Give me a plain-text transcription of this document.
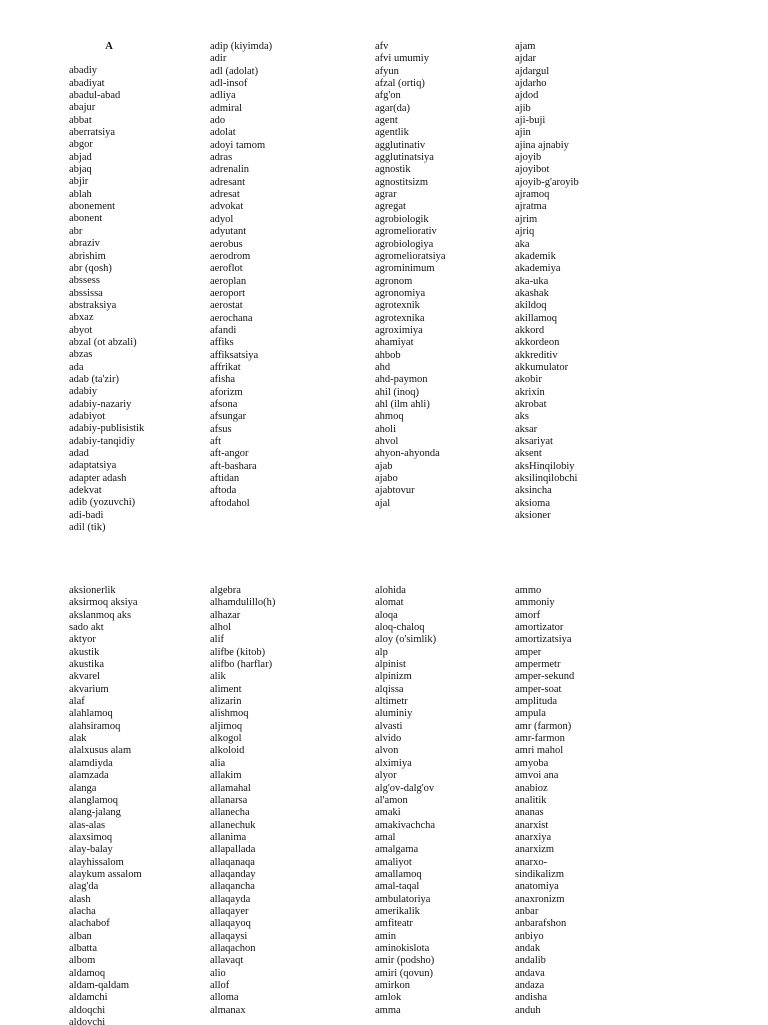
A
abadiy
abadiyat
abadul-abad
abajur
abbat
aberratsiya
abgor
abjad
abjaq
abjir
ablah
abonement
abonent
abr
abraziv
abrishim
abr (qosh)
abssess
abssissa
abstraksiya
abxaz
abyot
abzal (ot abzali)
abzas
ada
adab (ta'zir)
adabiy
adabiy-nazariy
adabiyot
adabiy-publisistik
adabiy-tanqidiy
adad
adaptatsiya
adapter adash
adekvat
adib (yozuvchi)
adi-badi
adil (tik)
adip (kiyimda)
adir
adl (adolat)
adl-insof
adliya
admiral
ado
adolat
adoyi tamom
adras
adrenalin
adresant
adresat
advokat
adyol
adyutant
aerobus
aerodrom
aeroflot
aeroplan
aeroport
aerostat
aerochana
afandi
affiks
affiksatsiya
affrikat
afisha
aforizm
afsona
afsungar
afsus
aft
aft-angor
aft-bashara
aftidan
aftoda
aftodahol
afv
afvi umumiy
afyun
afzal (ortiq)
afg'on
agar(da)
agent
agentlik
agglutinativ
agglutinatsiya
agnostik
agnostitsizm
agrar
agregat
agrobiologik
agromeliorativ
agrobiologiya
agromelioratsiya
agrominimum
agronom
agronomiya
agrotexnik
agrotexnika
agroximiya
ahamiyat
ahbob
ahd
ahd-paymon
ahil (inoq)
ahl (ilm ahli)
ahmoq
aholi
ahvol
ahyon-ahyonda
ajab
ajabo
ajabtovur
ajal
ajam
ajdar
ajdargul
ajdarho
ajdod
ajib
aji-buji
ajin
ajina ajnabiy
ajoyib
ajoyibot
ajoyib-g'aroyib
ajramoq
ajratma
ajrim
ajriq
aka
akademik
akademiya
aka-uka
akashak
akildoq
akillamoq
akkord
akkordeon
akkreditiv
akkumulator
akobir
akrixin
akrobat
aks
aksar
aksariyat
aksent
aksHinqilobiy
aksilinqilobchi
aksincha
aksioma
aksioner
aksionerlik
aksirmoq aksiya
akslanmoq aks
sado akt
aktyor
akustik
akustika
akvarel
akvarium
alaf
alahlamoq
alahsiramoq
alak
alalxusus alam
alamdiyda
alamzada
alanga
alanglamoq
alang-jalang
alas-alas
alaxsimoq
alay-balay
alayhissalom
alaykum assalom
alag'da
alash
alacha
alachabof
alban
albatta
albom
aldamoq
aldam-qaldam
aldamchi
aldoqchi
aldovchi
algebra
alhamdulillo(h)
alhazar
alhol
alif
alifbe (kitob)
alifbo (harflar)
alik
aliment
alizarin
alishmoq
aljimoq
alkogol
alkoloid
alia
allakim
allamahal
allanarsa
allanecha
allanechuk
allanima
allapallada
allaqanaqa
allaqanday
allaqancha
allaqayda
allaqayer
allaqayoq
allaqaysi
allaqachon
allavaqt
alio
allof
alloma
almanax
alohida
alomat
aloqa
aloq-chaloq
aloy (o'simlik)
alp
alpinist
alpinizm
alqissa
altimetr
aluminiy
alvasti
alvido
alvon
alximiya
alyor
alg'ov-dalg'ov
al'amon
amaki
amakivachcha
amal
amalgama
amaliyot
amallamoq
amal-taqal
ambulatoriya
amerikalik
amfiteatr
amin
aminokislota
amir (podsho)
amiri (qovun)
amirkon
amlok
amma
ammo
ammoniy
amorf
amortizator
amortizatsiya
amper
ampermetr
amper-sekund
amper-soat
amplituda
ampula
amr (farmon)
amr-farmon
amri mahol
amyoba
amvoi ana
anabioz
analitik
ananas
anarxist
anarxiya
anarxizm
anarxo-
sindikalizm
anatomiya
anaxronizm
anbar
anbarafshon
anbiyo
andak
andalib
andava
andaza
andisha
anduh
